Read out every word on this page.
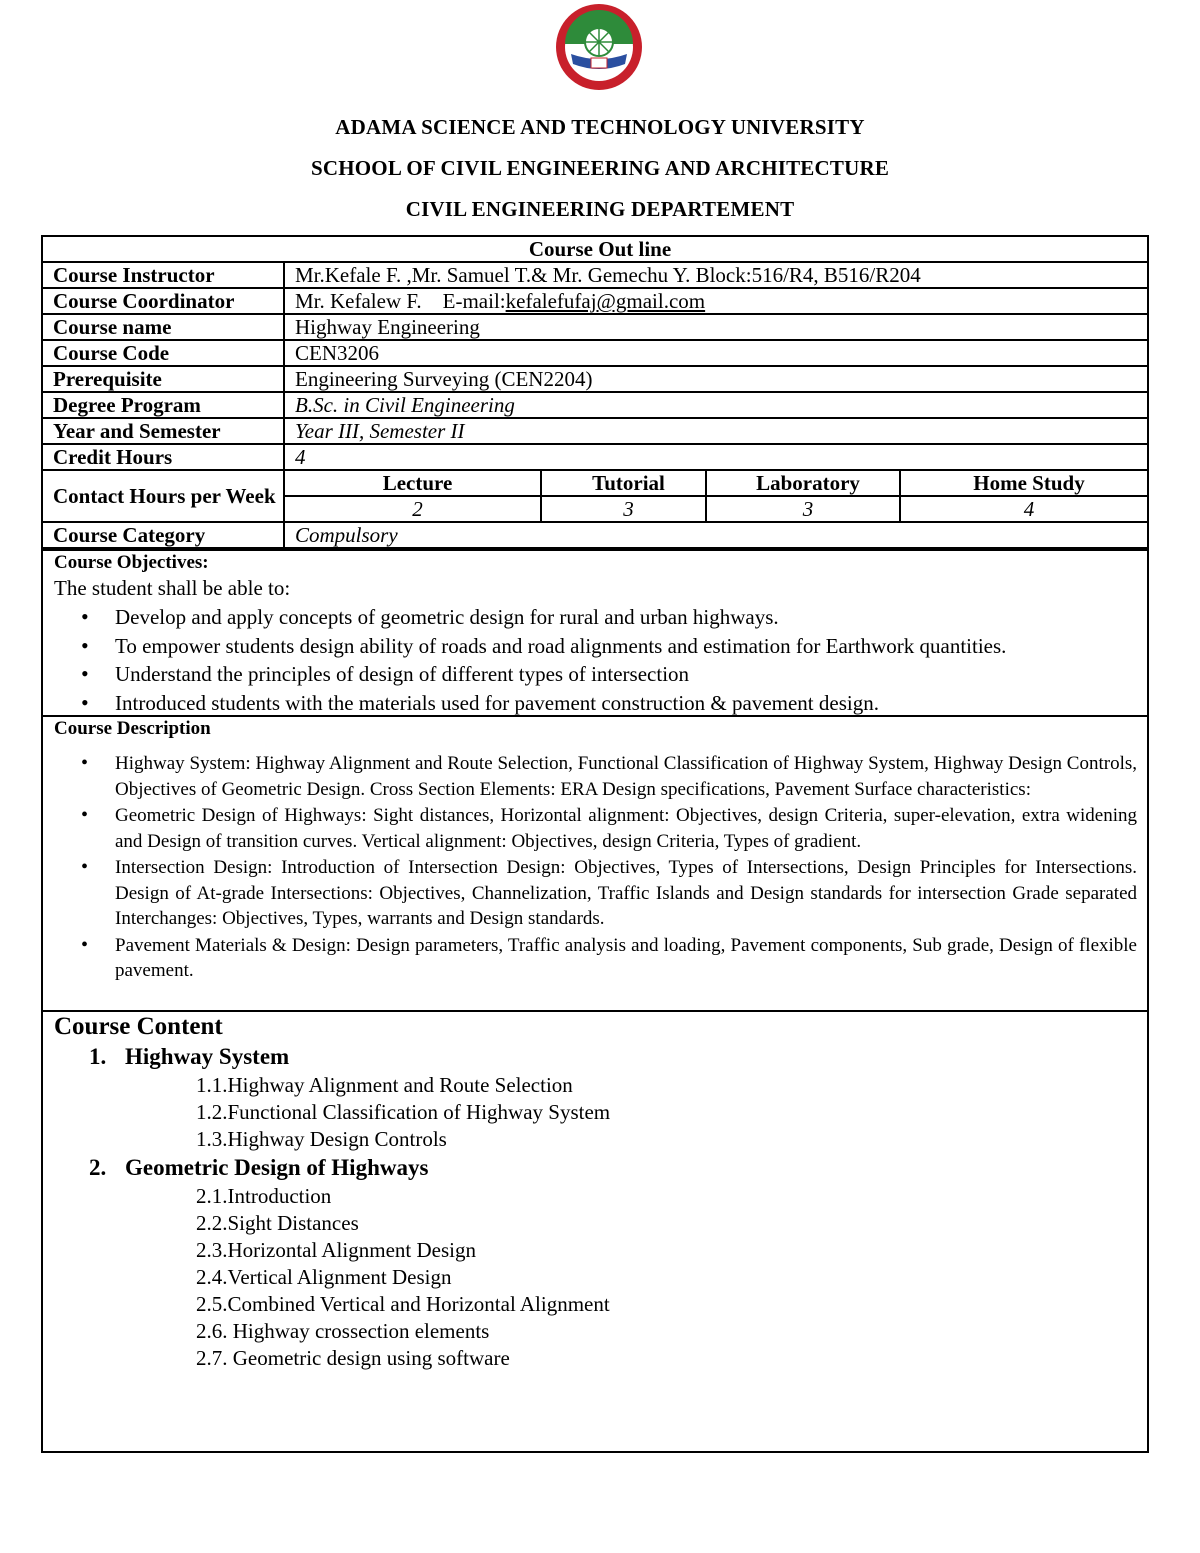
ADAMA SCIENCE AND TECHNOLOGY UNIVERSITY
SCHOOL OF CIVIL ENGINEERING AND ARCHITECTURE
CIVIL ENGINEERING DEPARTEMENT
Course Out line				
Course Instructor	Mr.Kefale F. ,Mr. Samuel T.& Mr. Gemechu Y. Block:516/R4, B516/R204			
Course Coordinator	Mr. Kefalew F. E-mail:kefalefufaj@gmail.com			
Course name	Highway Engineering			
Course Code	CEN3206			
Prerequisite	Engineering Surveying (CEN2204)			
Degree Program	B.Sc. in Civil Engineering			
Year and Semester	Year III, Semester II			
Credit Hours	4			
Contact Hours per Week	Lecture	Tutorial	Laboratory	Home Study
	2	3	3	4
Course Category	Compulsory			
Course Objectives:
The student shall be able to:
• Develop and apply concepts of geometric design for rural and urban highways.
• To empower students design ability of roads and road alignments and estimation for Earthwork quantities.
• Understand the principles of design of different types of intersection
• Introduced students with the materials used for pavement construction & pavement design.
Course Description
• Highway System: Highway Alignment and Route Selection, Functional Classification of Highway System, Highway Design Controls, Objectives of Geometric Design. Cross Section Elements: ERA Design specifications, Pavement Surface characteristics:
• Geometric Design of Highways: Sight distances, Horizontal alignment: Objectives, design Criteria, super-elevation, extra widening and Design of transition curves. Vertical alignment: Objectives, design Criteria, Types of gradient.
• Intersection Design: Introduction of Intersection Design: Objectives, Types of Intersections, Design Principles for Intersections. Design of At-grade Intersections: Objectives, Channelization, Traffic Islands and Design standards for intersection Grade separated Interchanges: Objectives, Types, warrants and Design standards.
• Pavement Materials & Design: Design parameters, Traffic analysis and loading, Pavement components, Sub grade, Design of flexible pavement.
Course Content
1. Highway System
1.1.Highway Alignment and Route Selection
1.2.Functional Classification of Highway System
1.3.Highway Design Controls
2. Geometric Design of Highways
2.1.Introduction
2.2.Sight Distances
2.3.Horizontal Alignment Design
2.4.Vertical Alignment Design
2.5.Combined Vertical and Horizontal Alignment
2.6. Highway crossection elements
2.7. Geometric design using software
